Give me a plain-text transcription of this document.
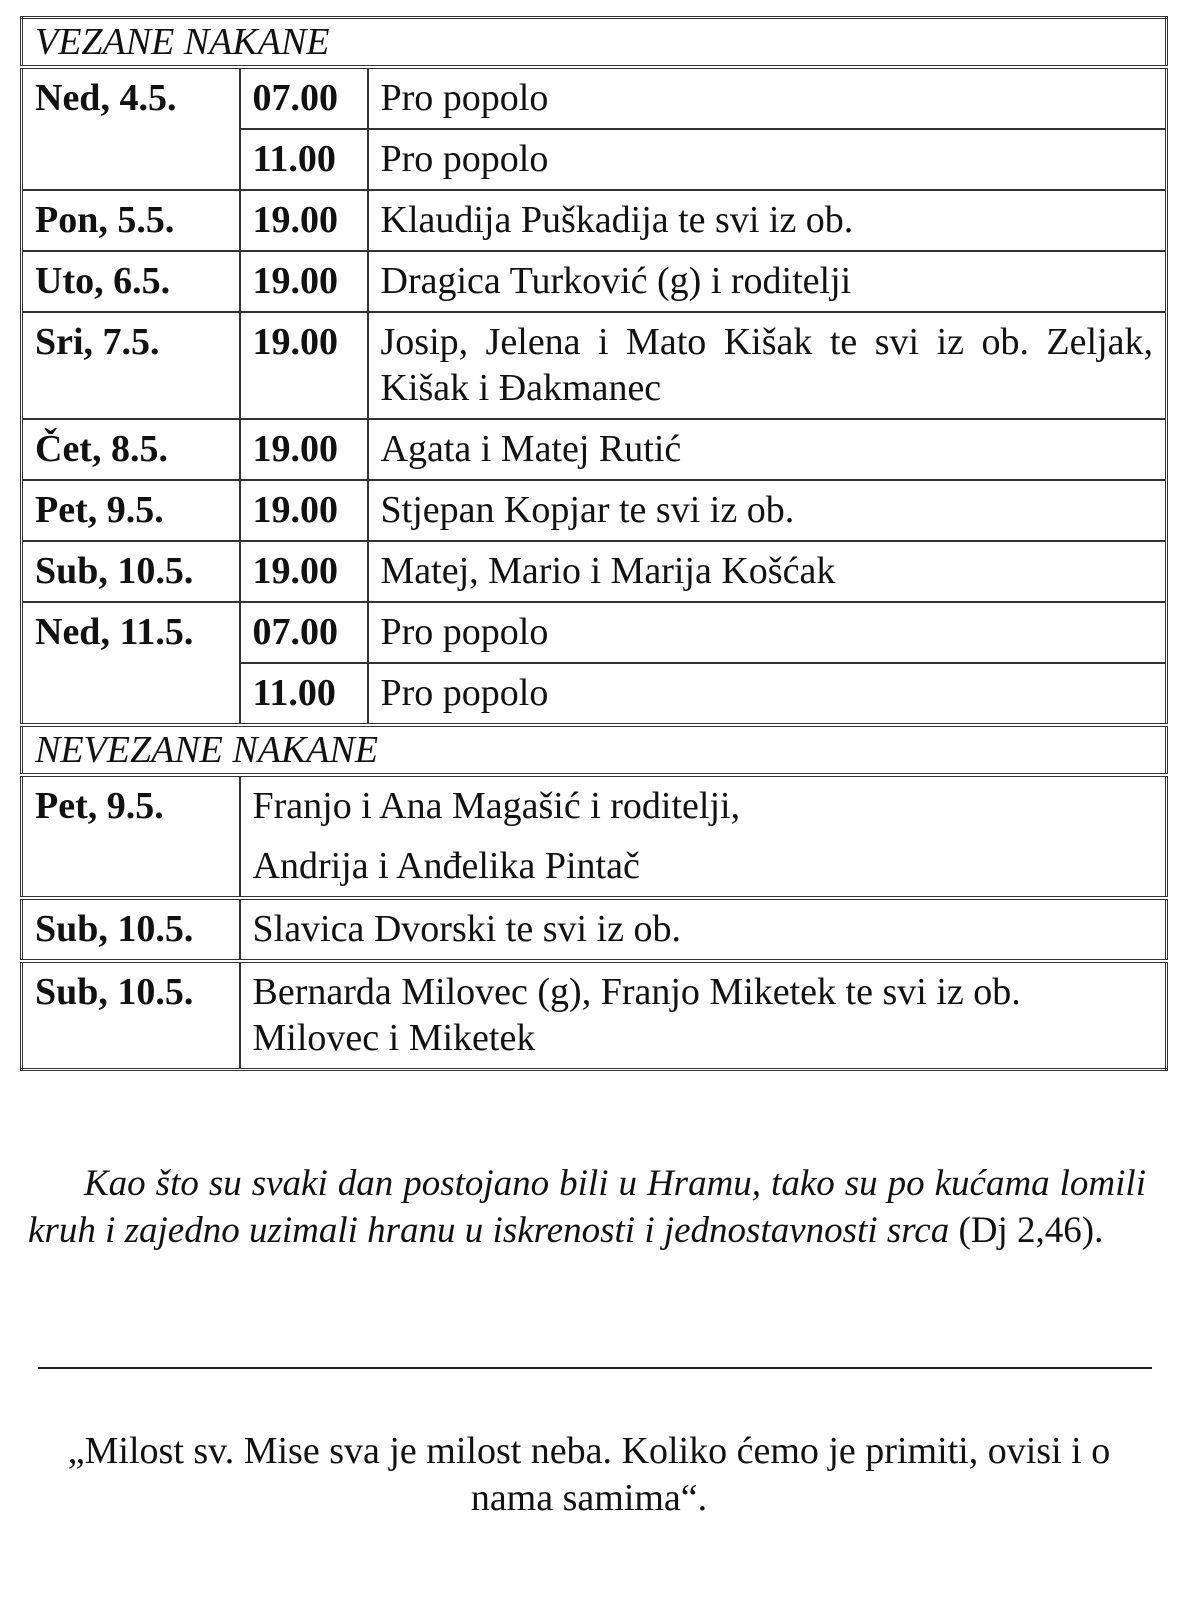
VEZANE NAKANE		
Ned, 4.5.	07.00	Pro popolo
	11.00	Pro popolo
Pon, 5.5.	19.00	Klaudija Puškadija te svi iz ob.
Uto, 6.5.	19.00	Dragica Turković (g) i roditelji
Sri, 7.5.	19.00	Josip, Jelena i Mato Kišak te svi iz ob. Zeljak, Kišak i Đakmanec
Čet, 8.5.	19.00	Agata i Matej Rutić
Pet, 9.5.	19.00	Stjepan Kopjar te svi iz ob.
Sub, 10.5.	19.00	Matej, Mario i Marija Košćak
Ned, 11.5.	07.00	Pro popolo
	11.00	Pro popolo
NEVEZANE NAKANE		
Pet, 9.5.	Franjo i Ana Magašić i roditelji,
Andrija i Anđelika Pintač	

Sub, 10.5.	Slavica Dvorski te svi iz ob.	
Sub, 10.5.	Bernarda Milovec (g), Franjo Miketek te svi iz ob.
Milovec i Miketek	

Kao što su svaki dan postojano bili u Hramu, tako su po kućama lomili kruh i zajedno uzimali hranu u iskrenosti i jednostavnosti srca (Dj 2,46).

„Milost sv. Mise sva je milost neba. Koliko ćemo je primiti, ovisi i o nama samima“.
